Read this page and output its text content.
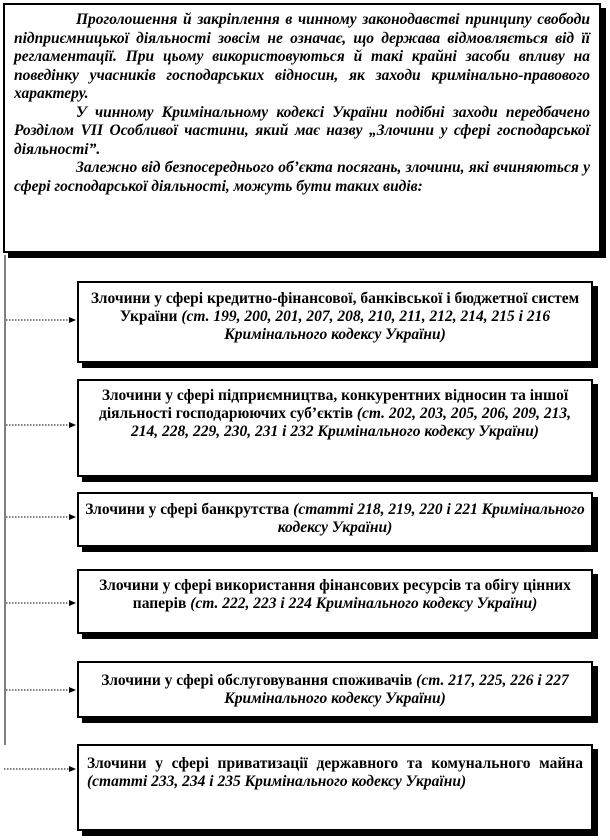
Проголошення й закріплення в чинному законодавстві принципу свободи підприємницької діяльності зовсім не означає, що держава відмовляється від її регламентації. При цьому використовуються й такі крайні засоби впливу на поведінку учасників господарських відносин, як заходи кримінально-правового характеру.

У чинному Кримінальному кодексі України подібні заходи передбачено Розділом VII Особливої частини, який має назву „Злочини у сфері господарської діяльності”.

Залежно від безпосереднього об’єкта посягань, злочини, які вчиняються у сфері господарської діяльності, можуть бути таких видів:

Злочини у сфері кредитно-фінансової, банківської і бюджетної систем України (ст. 199, 200, 201, 207, 208, 210, 211, 212, 214, 215 і 216 Кримінального кодексу України)
Злочини у сфері підприємництва, конкурентних відносин та іншої діяльності господарюючих суб’єктів (ст. 202, 203, 205, 206, 209, 213, 214, 228, 229, 230, 231 і 232 Кримінального кодексу України)
Злочини у сфері банкрутства (статті 218, 219, 220 і 221 Кримінального кодексу України)
Злочини у сфері використання фінансових ресурсів та обігу цінних паперів (ст. 222, 223 і 224 Кримінального кодексу України)
Злочини у сфері обслуговування споживачів (ст. 217, 225, 226 і 227 Кримінального кодексу України)
Злочини у сфері приватизації державного та комунального майна (статті 233, 234 і 235 Кримінального кодексу України)
